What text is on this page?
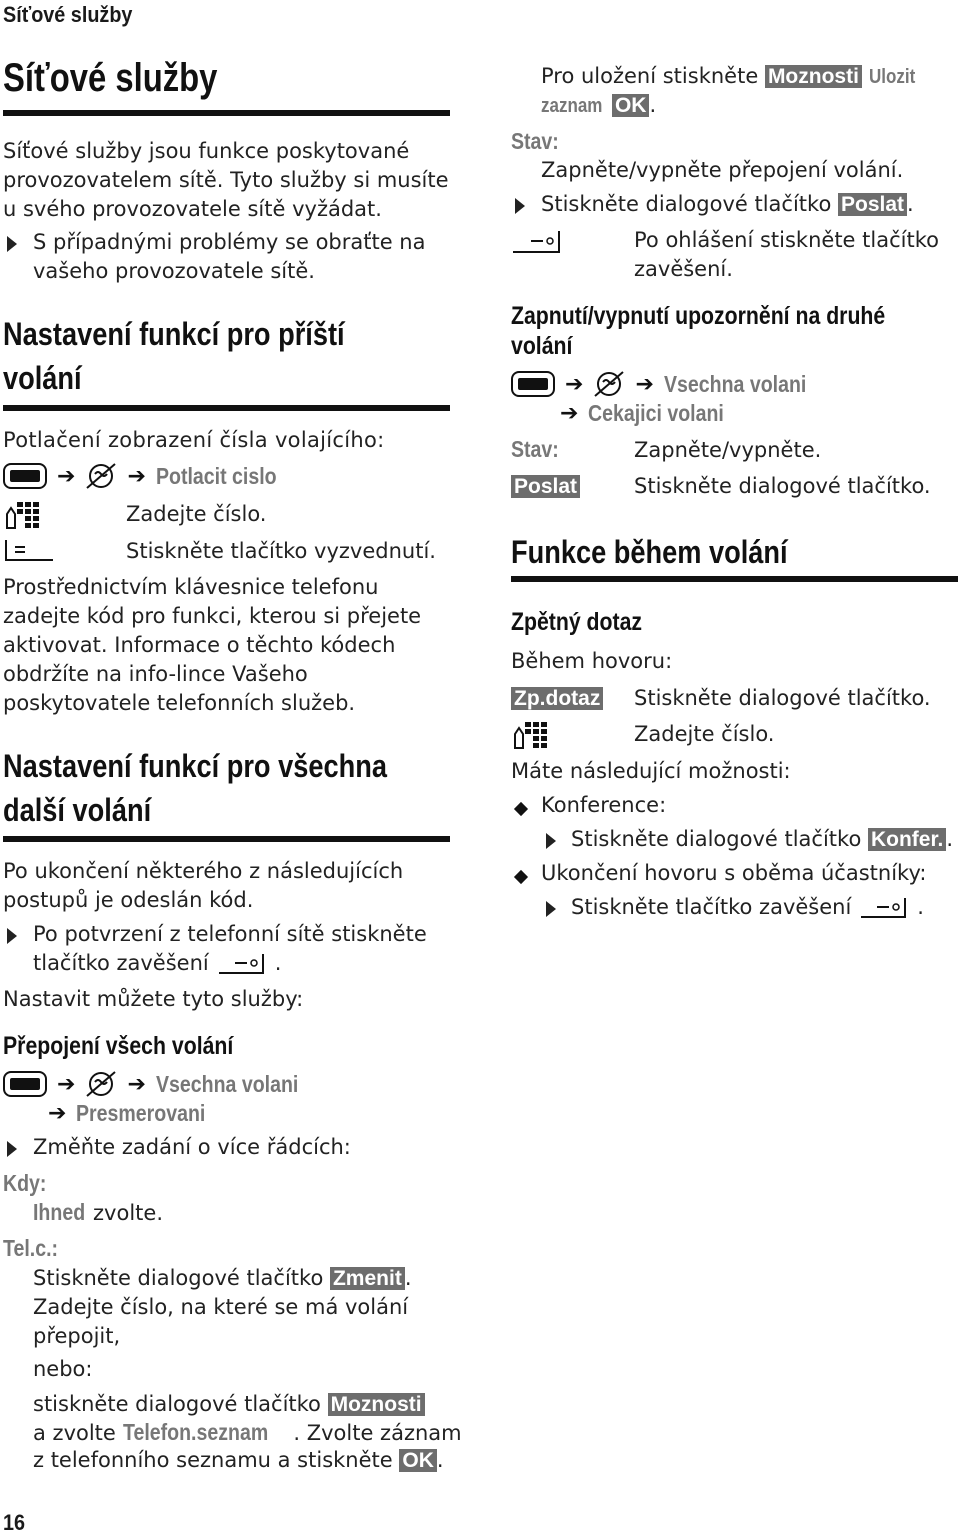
Síťové služby
Síťové služby
Síťové služby jsou funkce poskytované
provozovatelem sítě. Tyto služby si musíte
u svého provozovatele sítě vyžádat.
S případnými problémy se obraťte na
vašeho provozovatele sítě.
Nastavení funkcí pro příští
volání
Potlačení zobrazení čísla volajícího:
➔ ➔ Potlacit cislo
Zadejte číslo.
Stiskněte tlačítko vyzvednutí.
Prostřednictvím klávesnice telefonu
zadejte kód pro funkci, kterou si přejete
aktivovat. Informace o těchto kódech
obdržíte na info-lince Vašeho
poskytovatele telefonních služeb.
Nastavení funkcí pro všechna
další volání
Po ukončení některého z následujících
postupů je odeslán kód.
Po potvrzení z telefonní sítě stiskněte
tlačítko zavěšení	.
Nastavit můžete tyto služby:
Přepojení všech volání
➔ ➔ Vsechna volani
➔ Presmerovani
Změňte zadání o více řádcích:
Kdy:
Ihned zvolte.
Tel.c.:
Stiskněte dialogové tlačítko Zmenit .
Zadejte číslo, na které se má volání
přepojit,
nebo:
stiskněte dialogové tlačítko Moznosti
a zvolte Telefon.seznam . Zvolte záznam
z telefonního seznamu a stiskněte OK .
16
Pro uložení stiskněte Moznosti Ulozit
zaznam OK .
Stav:
Zapněte/vypněte přepojení volání.
Stiskněte dialogové tlačítko Poslat .
Po ohlášení stiskněte tlačítko
zavěšení.
Zapnutí/vypnutí upozornění na druhé
volání
➔ ➔ Vsechna volani
➔ Cekajici volani
Stav:	Zapněte/vypněte.
Poslat	Stiskněte dialogové tlačítko.
Funkce během volání
Zpětný dotaz
Během hovoru:
Zp.dotaz Stiskněte dialogové tlačítko.
Zadejte číslo.
Máte následující možnosti:
Konference:
Stiskněte dialogové tlačítko Konfer. .
Ukončení hovoru s oběma účastníky:
Stiskněte tlačítko zavěšení	.
